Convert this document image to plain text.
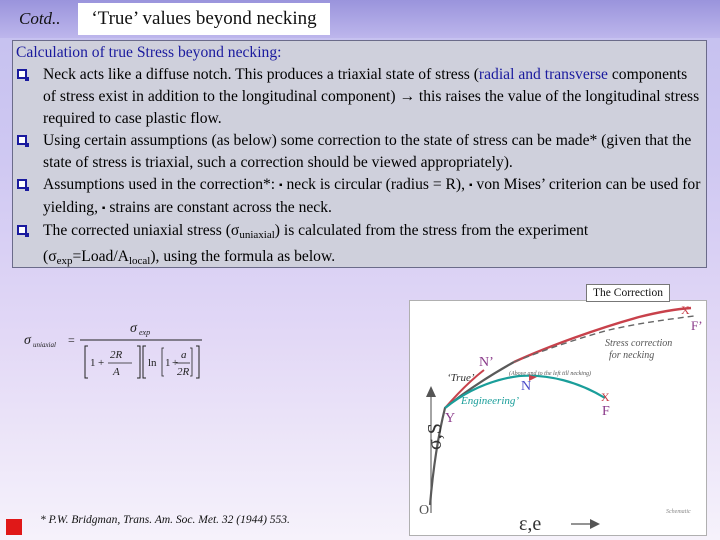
Cotd..	‘True’ values beyond necking
Calculation of true Stress beyond necking:
Neck acts like a diffuse notch. This produces a triaxial state of stress (radial and transverse components of stress exist in addition to the longitudinal component) → this raises the value of the longitudinal stress required to case plastic flow.
Using certain assumptions (as below) some correction to the state of stress can be made* (given that the state of stress is triaxial, such a correction should be viewed appropriately).
Assumptions used in the correction*: ▪ neck is circular (radius = R), ▪ von Mises’ criterion can be used for yielding, ▪ strains are constant across the neck.
The corrected uniaxial stress $(\sigma_{uniaxial})$ is calculated from the stress from the experiment $(\sigma_{exp}=Load/A_{local})$, using the formula as below.
σ uniaxial =
σ exp
1 +
2R
A
ln 1 +
a
2R
X
F’
N’
‘True’	(Above and to the left till necking)
N
Engineering’	X
F
Y
O
Stress correction
for necking
σ,S
ε,e
Schematic
The Correction
* P.W. Bridgman, Trans. Am. Soc. Met. 32 (1944) 553.
